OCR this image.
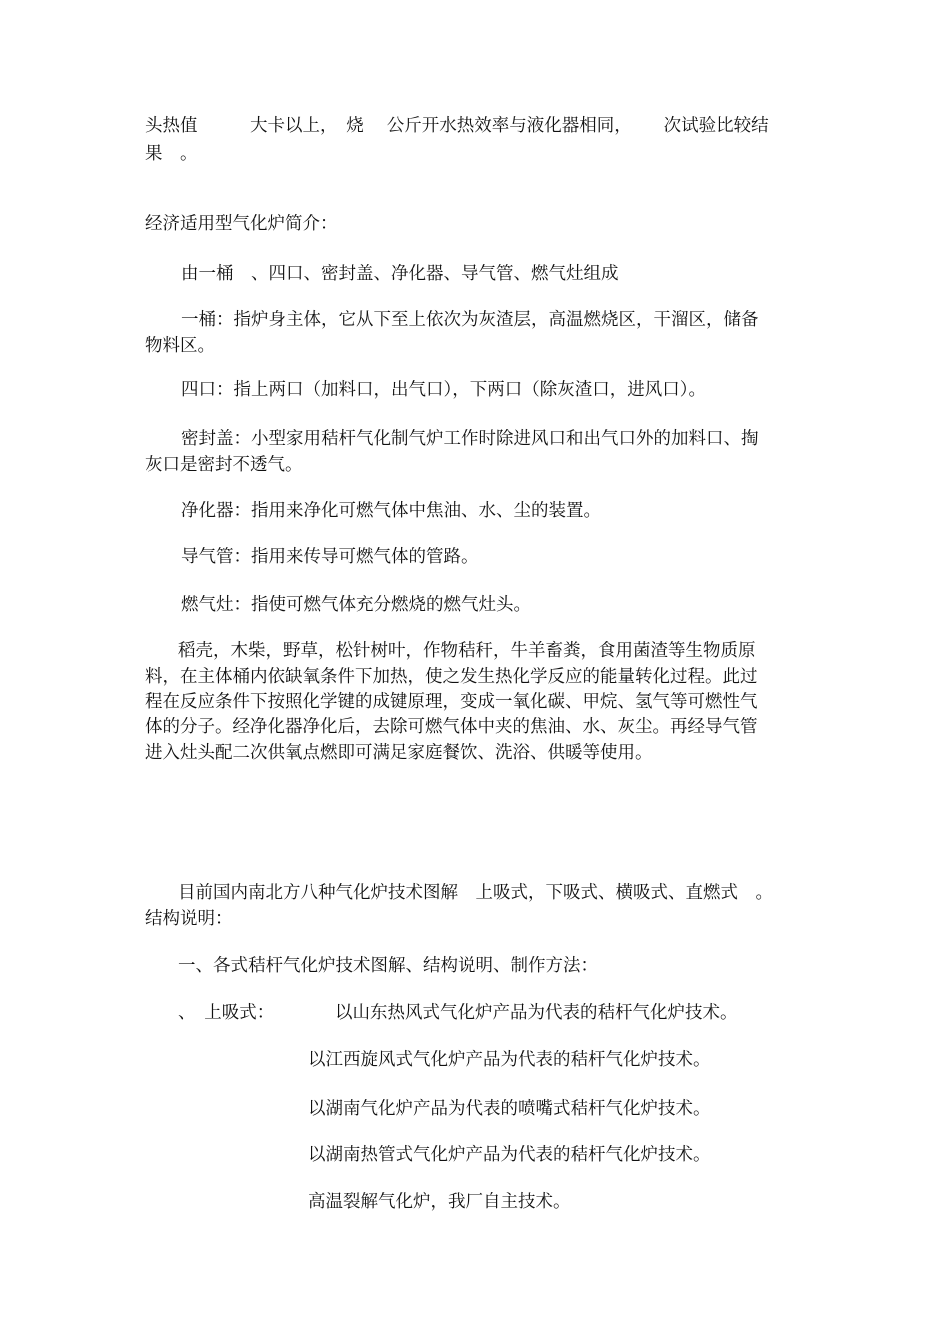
头热值　　　大卡以上，　烧　 公斤开水热效率与液化器相同，　　 次试验比较结
果　。
经济适用型气化炉简介：
由一桶　、四口、密封盖、净化器、导气管、燃气灶组成
一桶：指炉身主体，它从下至上依次为灰渣层，高温燃烧区，干溜区，储备
物料区。
四口：指上两口（加料口，出气口），下两口（除灰渣口，进风口）。
密封盖：小型家用秸杆气化制气炉工作时除进风口和出气口外的加料口、掏
灰口是密封不透气。
净化器：指用来净化可燃气体中焦油、水、尘的装置。
导气管：指用来传导可燃气体的管路。
燃气灶：指使可燃气体充分燃烧的燃气灶头。
稻壳，木柴，野草，松针树叶，作物秸秆，牛羊畜粪，食用菌渣等生物质原
料，在主体桶内依缺氧条件下加热，使之发生热化学反应的能量转化过程。此过
程在反应条件下按照化学键的成键原理，变成一氧化碳、甲烷、氢气等可燃性气
体的分子。经净化器净化后，去除可燃气体中夹的焦油、水、灰尘。再经导气管
进入灶头配二次供氧点燃即可满足家庭餐饮、洗浴、供暖等使用。
目前国内南北方八种气化炉技术图解　上吸式，下吸式、横吸式、直燃式　。
结构说明：
一、各式秸杆气化炉技术图解、结构说明、制作方法：
、　上吸式：	以山东热风式气化炉产品为代表的秸杆气化炉技术。
以江西旋风式气化炉产品为代表的秸杆气化炉技术。
以湖南气化炉产品为代表的喷嘴式秸杆气化炉技术。
以湖南热管式气化炉产品为代表的秸杆气化炉技术。
高温裂解气化炉，我厂自主技术。
